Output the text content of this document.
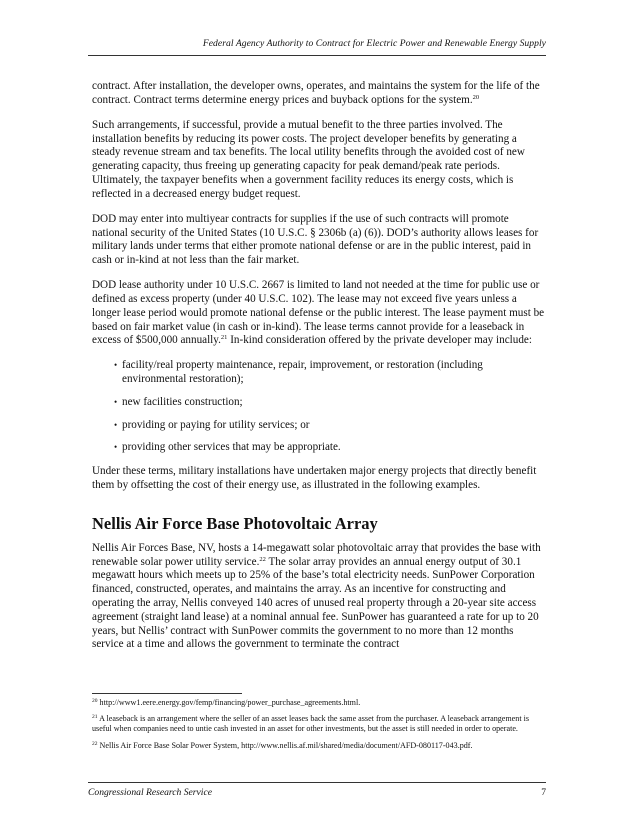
Federal Agency Authority to Contract for Electric Power and Renewable Energy Supply

contract. After installation, the developer owns, operates, and maintains the system for the life of the contract. Contract terms determine energy prices and buyback options for the system.$^{20}$

Such arrangements, if successful, provide a mutual benefit to the three parties involved. The installation benefits by reducing its power costs. The project developer benefits by generating a steady revenue stream and tax benefits. The local utility benefits through the avoided cost of new generating capacity, thus freeing up generating capacity for peak demand/peak rate periods. Ultimately, the taxpayer benefits when a government facility reduces its energy costs, which is reflected in a decreased energy budget request.

DOD may enter into multiyear contracts for supplies if the use of such contracts will promote national security of the United States (10 U.S.C. § 2306b (a) (6)). DOD’s authority allows leases for military lands under terms that either promote national defense or are in the public interest, paid in cash or in-kind at not less than the fair market.

DOD lease authority under 10 U.S.C. 2667 is limited to land not needed at the time for public use or defined as excess property (under 40 U.S.C. 102). The lease may not exceed five years unless a longer lease period would promote national defense or the public interest. The lease payment must be based on fair market value (in cash or in-kind). The lease terms cannot provide for a leaseback in excess of $500,000 annually.$^{21}$ In-kind consideration offered by the private developer may include:

• facility/real property maintenance, repair, improvement, or restoration (including environmental restoration);
• new facilities construction;
• providing or paying for utility services; or
• providing other services that may be appropriate.

Under these terms, military installations have undertaken major energy projects that directly benefit them by offsetting the cost of their energy use, as illustrated in the following examples.

Nellis Air Force Base Photovoltaic Array

Nellis Air Forces Base, NV, hosts a 14-megawatt solar photovoltaic array that provides the base with renewable solar power utility service.$^{22}$ The solar array provides an annual energy output of 30.1 megawatt hours which meets up to 25% of the base’s total electricity needs. SunPower Corporation financed, constructed, operates, and maintains the array. As an incentive for constructing and operating the array, Nellis conveyed 140 acres of unused real property through a 20-year site access agreement (straight land lease) at a nominal annual fee. SunPower has guaranteed a rate for up to 20 years, but Nellis’ contract with SunPower commits the government to no more than 12 months service at a time and allows the government to terminate the contract

$^{20}$ http://www1.eere.energy.gov/femp/financing/power_purchase_agreements.html.

$^{21}$ A leaseback is an arrangement where the seller of an asset leases back the same asset from the purchaser. A leaseback arrangement is useful when companies need to untie cash invested in an asset for other investments, but the asset is still needed in order to operate.

$^{22}$ Nellis Air Force Base Solar Power System, http://www.nellis.af.mil/shared/media/document/AFD-080117-043.pdf.

Congressional Research Service	7
